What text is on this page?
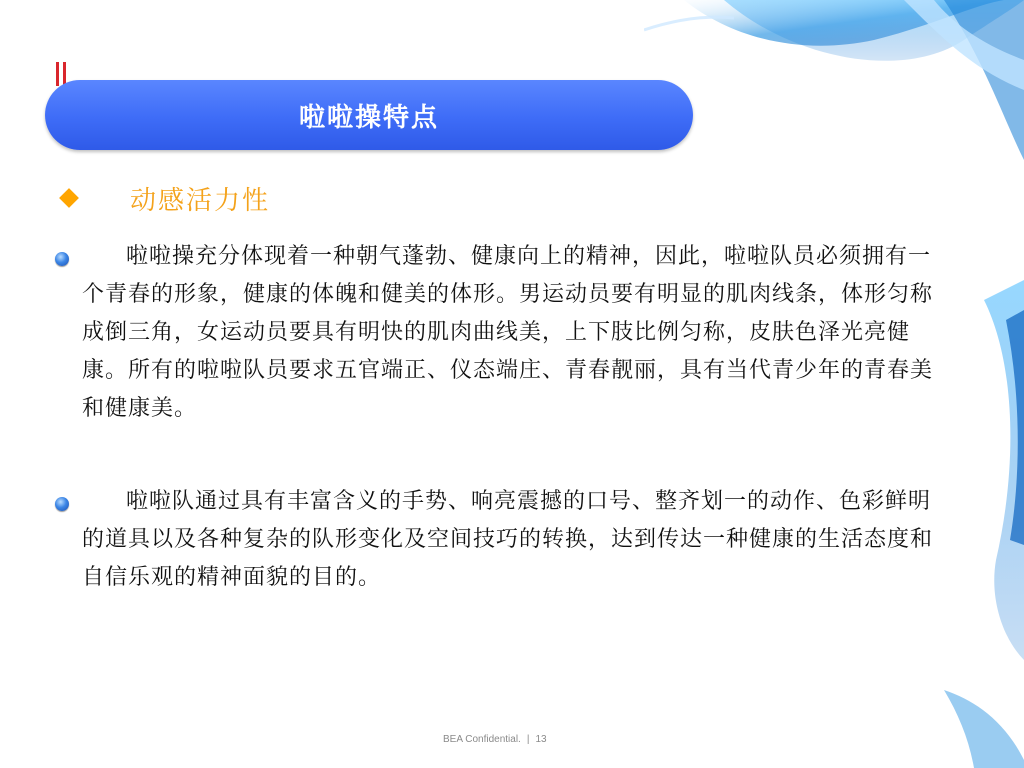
啦啦操特点
动感活力性
啦啦操充分体现着一种朝气蓬勃、健康向上的精神，因此，啦啦队员必须拥有一个青春的形象，健康的体魄和健美的体形。男运动员要有明显的肌肉线条，体形匀称成倒三角，女运动员要具有明快的肌肉曲线美，上下肢比例匀称，皮肤色泽光亮健康。所有的啦啦队员要求五官端正、仪态端庄、青春靓丽，具有当代青少年的青春美和健康美。
啦啦队通过具有丰富含义的手势、响亮震撼的口号、整齐划一的动作、色彩鲜明的道具以及各种复杂的队形变化及空间技巧的转换，达到传达一种健康的生活态度和自信乐观的精神面貌的目的。
BEA Confidential. | 13
